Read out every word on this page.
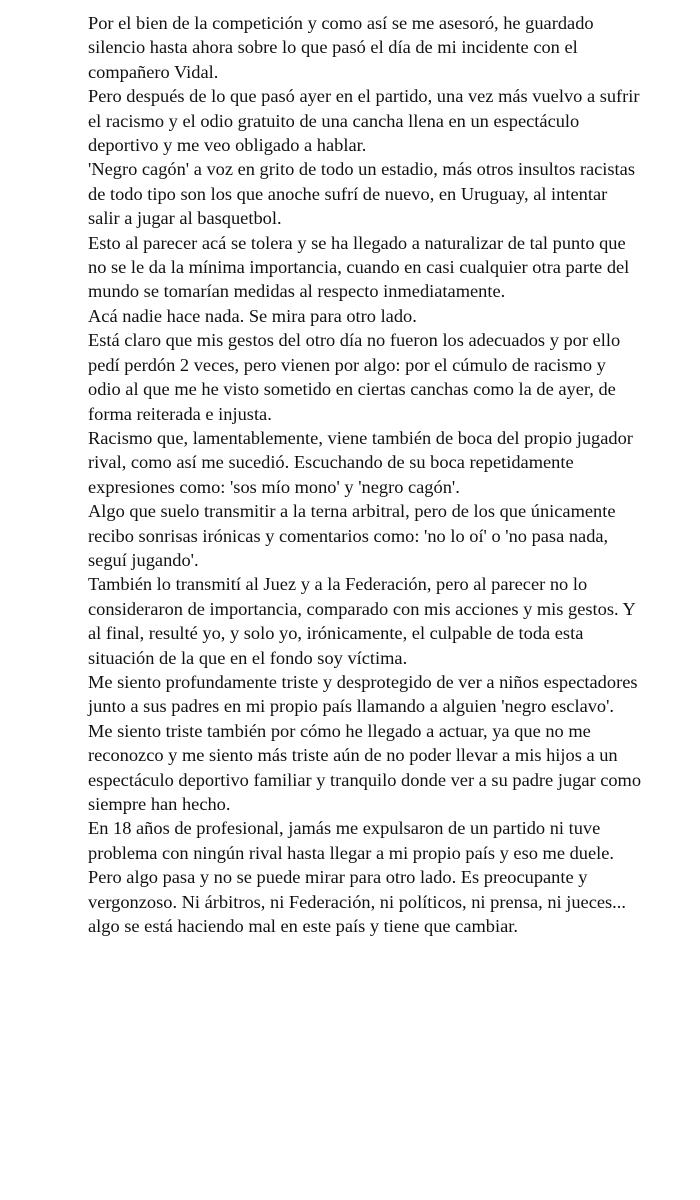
Por el bien de la competición y como así se me asesoró, he guardado silencio hasta ahora sobre lo que pasó el día de mi incidente con el compañero Vidal.

Pero después de lo que pasó ayer en el partido, una vez más vuelvo a sufrir el racismo y el odio gratuito de una cancha llena en un espectáculo deportivo y me veo obligado a hablar.

'Negro cagón' a voz en grito de todo un estadio, más otros insultos racistas de todo tipo son los que anoche sufrí de nuevo, en Uruguay, al intentar salir a jugar al basquetbol.

Esto al parecer acá se tolera y se ha llegado a naturalizar de tal punto que no se le da la mínima importancia, cuando en casi cualquier otra parte del mundo se tomarían medidas al respecto inmediatamente.

Acá nadie hace nada. Se mira para otro lado.

Está claro que mis gestos del otro día no fueron los adecuados y por ello pedí perdón 2 veces, pero vienen por algo: por el cúmulo de racismo y odio al que me he visto sometido en ciertas canchas como la de ayer, de forma reiterada e injusta.

Racismo que, lamentablemente, viene también de boca del propio jugador rival, como así me sucedió. Escuchando de su boca repetidamente expresiones como: 'sos mío mono' y 'negro cagón'.

Algo que suelo transmitir a la terna arbitral, pero de los que únicamente recibo sonrisas irónicas y comentarios como: 'no lo oí' o 'no pasa nada, seguí jugando'.

También lo transmití al Juez y a la Federación, pero al parecer no lo consideraron de importancia, comparado con mis acciones y mis gestos. Y al final, resulté yo, y solo yo, irónicamente, el culpable de toda esta situación de la que en el fondo soy víctima.

Me siento profundamente triste y desprotegido de ver a niños espectadores junto a sus padres en mi propio país llamando a alguien 'negro esclavo'. Me siento triste también por cómo he llegado a actuar, ya que no me reconozco y me siento más triste aún de no poder llevar a mis hijos a un espectáculo deportivo familiar y tranquilo donde ver a su padre jugar como siempre han hecho.

En 18 años de profesional, jamás me expulsaron de un partido ni tuve problema con ningún rival hasta llegar a mi propio país y eso me duele. Pero algo pasa y no se puede mirar para otro lado. Es preocupante y vergonzoso. Ni árbitros, ni Federación, ni políticos, ni prensa, ni jueces... algo se está haciendo mal en este país y tiene que cambiar.
